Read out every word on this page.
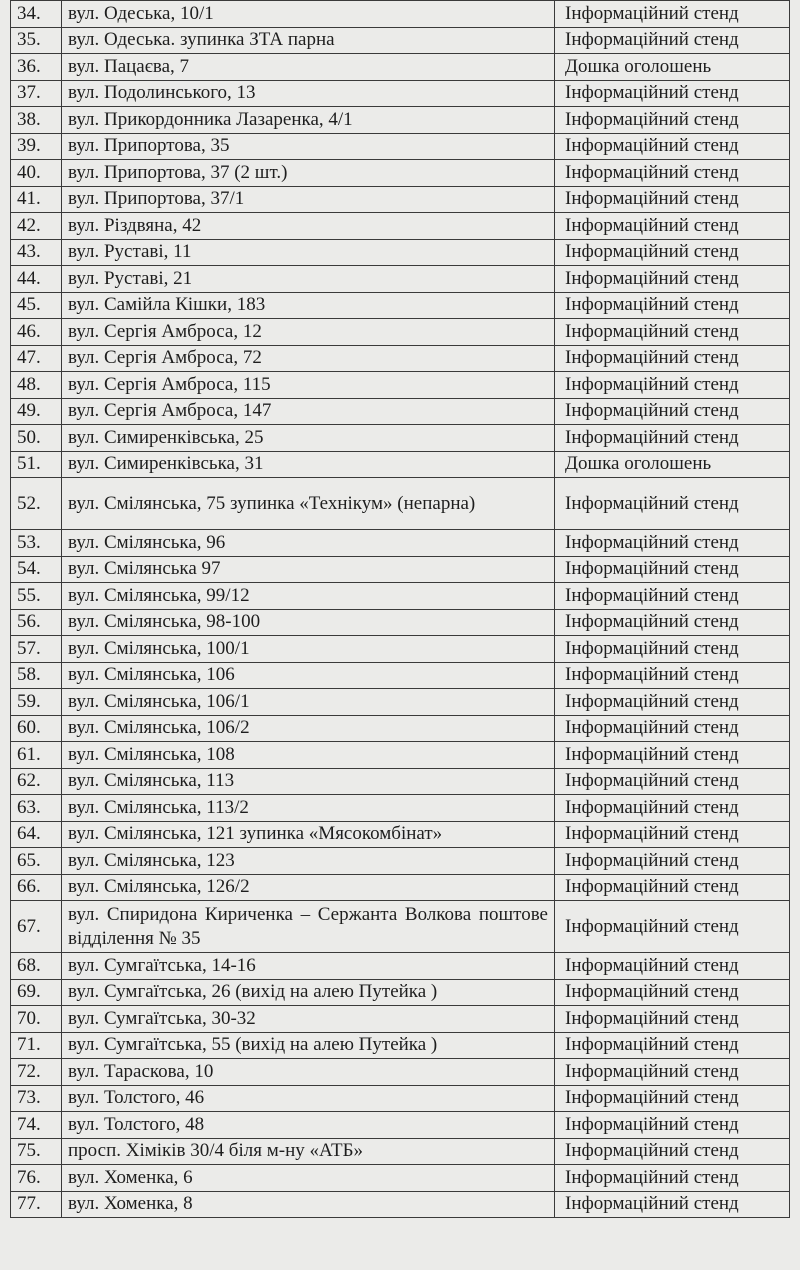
34.	вул. Одеська, 10/1	Інформаційний стенд
35.	вул. Одеська. зупинка ЗТА парна	Інформаційний стенд
36.	вул. Пацаєва, 7	Дошка оголошень
37.	вул. Подолинського, 13	Інформаційний стенд
38.	вул. Прикордонника Лазаренка, 4/1	Інформаційний стенд
39.	вул. Припортова, 35	Інформаційний стенд
40.	вул. Припортова, 37 (2 шт.)	Інформаційний стенд
41.	вул. Припортова, 37/1	Інформаційний стенд
42.	вул. Різдвяна, 42	Інформаційний стенд
43.	вул. Руставі, 11	Інформаційний стенд
44.	вул. Руставі, 21	Інформаційний стенд
45.	вул. Самійла Кішки, 183	Інформаційний стенд
46.	вул. Сергія Амброса, 12	Інформаційний стенд
47.	вул. Сергія Амброса, 72	Інформаційний стенд
48.	вул. Сергія Амброса, 115	Інформаційний стенд
49.	вул. Сергія Амброса, 147	Інформаційний стенд
50.	вул. Симиренківська, 25	Інформаційний стенд
51.	вул. Симиренківська, 31	Дошка оголошень
52.	вул. Смілянська, 75 зупинка «Технікум» (непарна)	Інформаційний стенд
53.	вул. Смілянська, 96	Інформаційний стенд
54.	вул. Смілянська 97	Інформаційний стенд
55.	вул. Смілянська, 99/12	Інформаційний стенд
56.	вул. Смілянська, 98-100	Інформаційний стенд
57.	вул. Смілянська, 100/1	Інформаційний стенд
58.	вул. Смілянська, 106	Інформаційний стенд
59.	вул. Смілянська, 106/1	Інформаційний стенд
60.	вул. Смілянська, 106/2	Інформаційний стенд
61.	вул. Смілянська, 108	Інформаційний стенд
62.	вул. Смілянська, 113	Інформаційний стенд
63.	вул. Смілянська, 113/2	Інформаційний стенд
64.	вул. Смілянська, 121 зупинка «Мясокомбінат»	Інформаційний стенд
65.	вул. Смілянська, 123	Інформаційний стенд
66.	вул. Смілянська, 126/2	Інформаційний стенд
67.	вул. Спиридона Кириченка – Сержанта Волкова поштове відділення № 35	Інформаційний стенд
68.	вул. Сумгаїтська, 14-16	Інформаційний стенд
69.	вул. Сумгаїтська, 26 (вихід на алею Путейка )	Інформаційний стенд
70.	вул. Сумгаїтська, 30-32	Інформаційний стенд
71.	вул. Сумгаїтська, 55 (вихід на алею Путейка )	Інформаційний стенд
72.	вул. Тараскова, 10	Інформаційний стенд
73.	вул. Толстого, 46	Інформаційний стенд
74.	вул. Толстого, 48	Інформаційний стенд
75.	просп. Хіміків 30/4 біля м-ну «АТБ»	Інформаційний стенд
76.	вул. Хоменка, 6	Інформаційний стенд
77.	вул. Хоменка, 8	Інформаційний стенд
